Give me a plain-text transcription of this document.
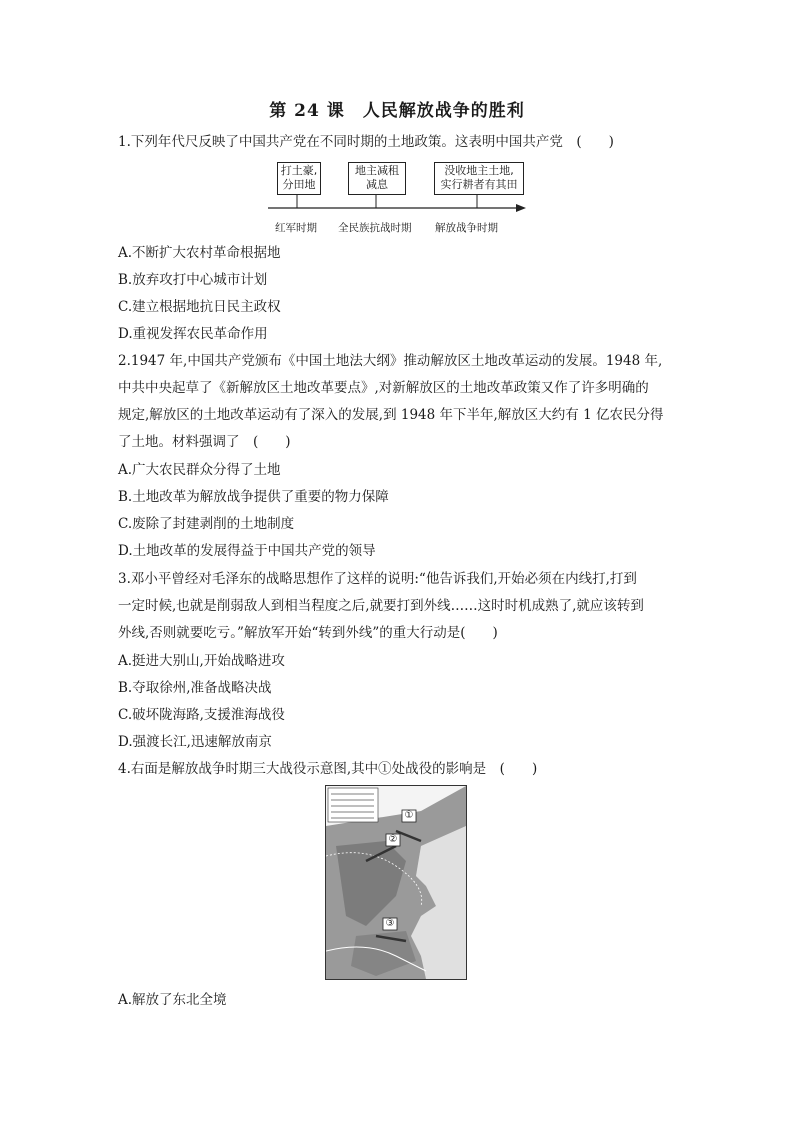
第 24 课　人民解放战争的胜利
1.下列年代尺反映了中国共产党在不同时期的土地政策。这表明中国共产党　(　　)
打土豪,
分田地
地主减租
减息
没收地主土地,
实行耕者有其田
红军时期 全民族抗战时期 解放战争时期
A.不断扩大农村革命根据地
B.放弃攻打中心城市计划
C.建立根据地抗日民主政权
D.重视发挥农民革命作用
2.1947 年,中国共产党颁布《中国土地法大纲》推动解放区土地改革运动的发展。1948 年,
中共中央起草了《新解放区土地改革要点》,对新解放区的土地改革政策又作了许多明确的
规定,解放区的土地改革运动有了深入的发展,到 1948 年下半年,解放区大约有 1 亿农民分得
了土地。材料强调了　(　　)
A.广大农民群众分得了土地
B.土地改革为解放战争提供了重要的物力保障
C.废除了封建剥削的土地制度
D.土地改革的发展得益于中国共产党的领导
3.邓小平曾经对毛泽东的战略思想作了这样的说明:“他告诉我们,开始必须在内线打,打到
一定时候,也就是削弱敌人到相当程度之后,就要打到外线……这时时机成熟了,就应该转到
外线,否则就要吃亏。”解放军开始“转到外线”的重大行动是(　　)
A.挺进大别山,开始战略进攻
B.夺取徐州,准备战略决战
C.破坏陇海路,支援淮海战役
D.强渡长江,迅速解放南京
4.右面是解放战争时期三大战役示意图,其中①处战役的影响是　(　　)
①
②
③
A.解放了东北全境
